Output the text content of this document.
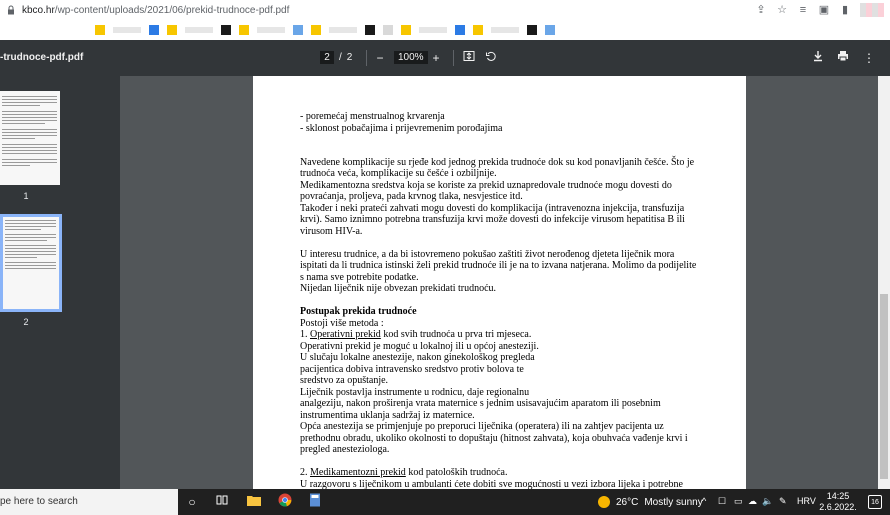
kbco.hr/wp-content/uploads/2021/06/prekid-trudnoce-pdf.pdf	⇪ ☆ ≡ ▣ ▮
-trudnoce-pdf.pdf	2 / 2	−	100% +	⋮
1
2
- poremećaj menstrualnog krvarenja
- sklonost pobačajima i prijevremenim porođajima
Navedene komplikacije su rjeđe kod jednog prekida trudnoće dok su kod ponavljanih češće. Što je
trudnoća veća, komplikacije su češće i ozbiljnije.
Medikamentozna sredstva koja se koriste za prekid uznapredovale trudnoće mogu dovesti do
povraćanja, proljeva, pada krvnog tlaka, nesvjestice itd.
Također i neki prateći zahvati mogu dovesti do komplikacija (intravenozna injekcija, transfuzija
krvi). Samo iznimno potrebna transfuzija krvi može dovesti do infekcije virusom hepatitisa B ili
virusom HIV-a.
U interesu trudnice, a da bi istovremeno pokušao zaštiti život nerođenog djeteta liječnik mora
ispitati da li trudnica istinski želi prekid trudnoće ili je na to izvana natjerana. Molimo da podijelite
s nama sve potrebite podatke.
Nijedan liječnik nije obvezan prekidati trudnoću.
Postupak prekida trudnoće
Postoji više metoda :
1. Operativni prekid kod svih trudnoća u prva tri mjeseca.
Operativni prekid je moguć u lokalnoj ili u općoj anesteziji.
U slučaju lokalne anestezije, nakon ginekološkog pregleda
pacijentica dobiva intravensko sredstvo protiv bolova te
sredstvo za opuštanje.
Liječnik postavlja instrumente u rodnicu, daje regionalnu
analgeziju, nakon proširenja vrata maternice s jednim usisavajućim aparatom ili posebnim
instrumentima uklanja sadržaj iz maternice.
Opća anestezija se primjenjuje po preporuci liječnika (operatera) ili na zahtjev pacijenta uz
prethodnu obradu, ukoliko okolnosti to dopuštaju (hitnost zahvata), koja obuhvaća vađenje krvi i
pregled anesteziologa.
2. Medikamentozni prekid kod patoloških trudnoća.
U razgovoru s liječnikom u ambulanti ćete dobiti sve mogućnosti u vezi izbora lijeka i potrebne
pe here to search	○	26°C Mostly sunny ^ ☐ ▭ ☁ 🔈 ✎ HRV	14:25
2.6.2022.	16
